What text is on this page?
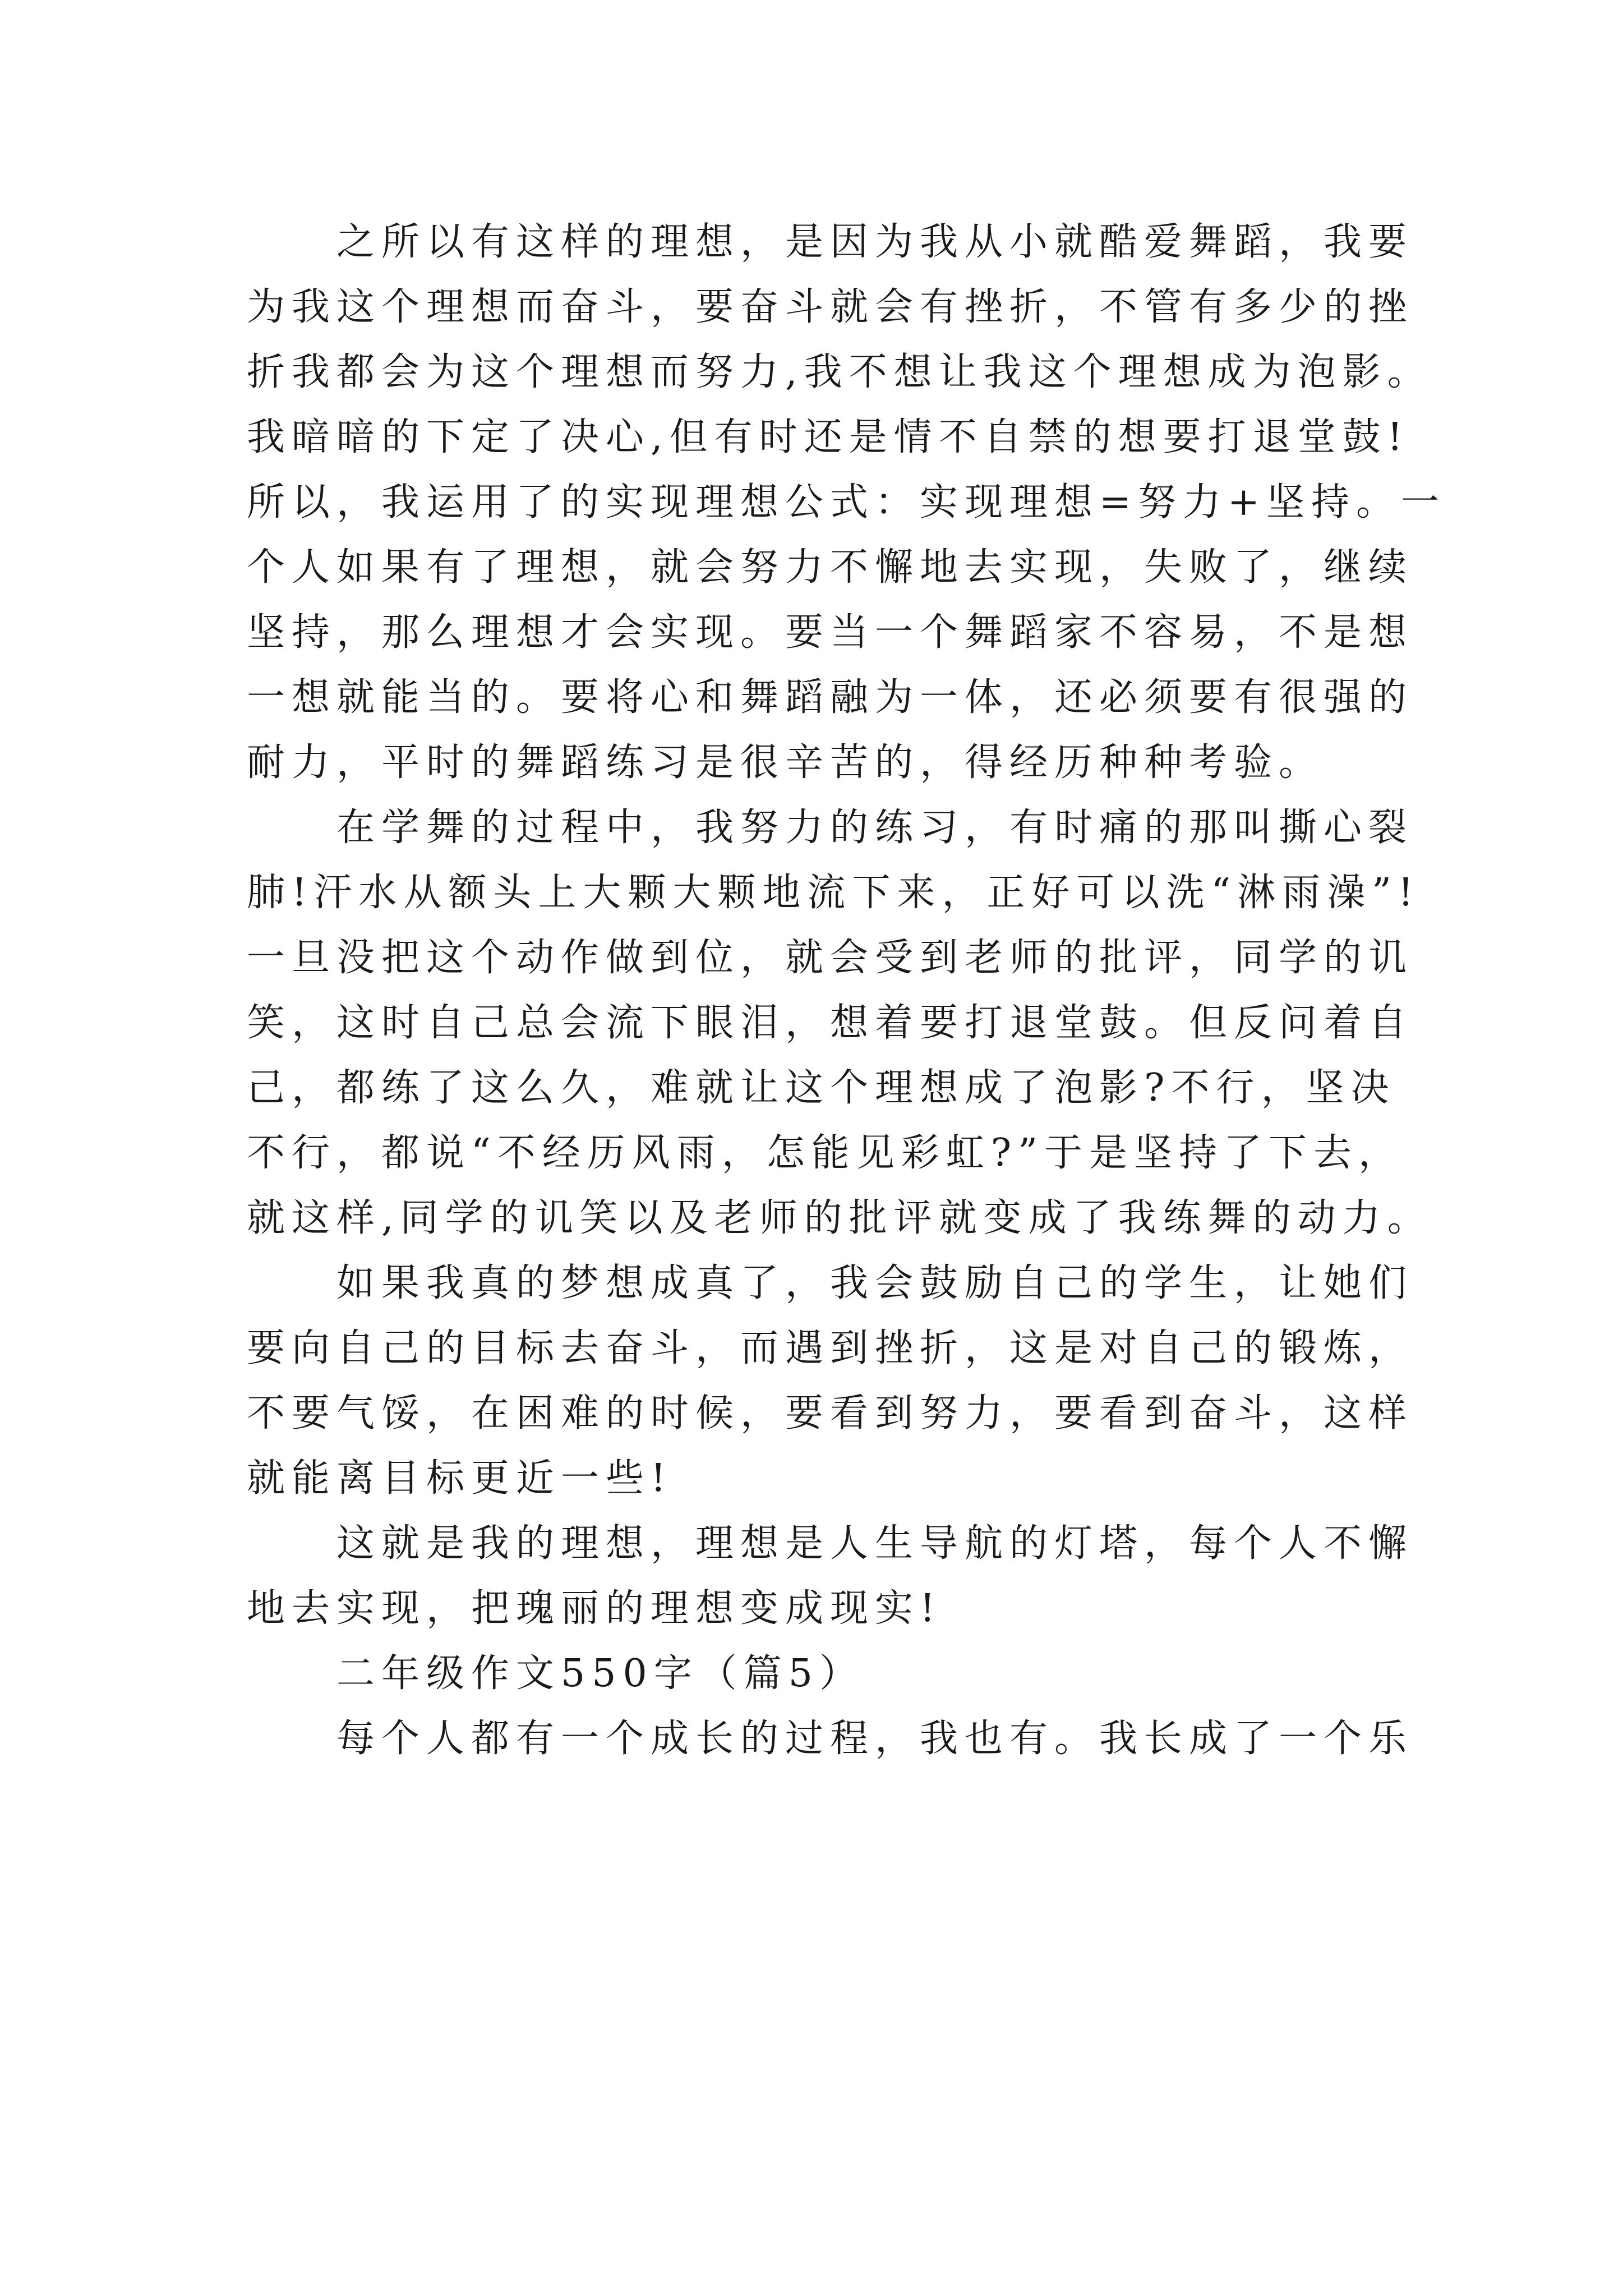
之所以有这样的理想，是因为我从小就酷爱舞蹈，我要
为我这个理想而奋斗，要奋斗就会有挫折，不管有多少的挫
折我都会为这个理想而努力,我不想让我这个理想成为泡影。
我暗暗的下定了决心,但有时还是情不自禁的想要打退堂鼓!
所以，我运用了的实现理想公式：实现理想=努力+坚持。一
个人如果有了理想，就会努力不懈地去实现，失败了，继续
坚持，那么理想才会实现。要当一个舞蹈家不容易，不是想
一想就能当的。要将心和舞蹈融为一体，还必须要有很强的
耐力，平时的舞蹈练习是很辛苦的，得经历种种考验。
在学舞的过程中，我努力的练习，有时痛的那叫撕心裂
肺!汗水从额头上大颗大颗地流下来，正好可以洗“淋雨澡”!
一旦没把这个动作做到位，就会受到老师的批评，同学的讥
笑，这时自己总会流下眼泪，想着要打退堂鼓。但反问着自
己，都练了这么久，难就让这个理想成了泡影?不行，坚决
不行，都说“不经历风雨，怎能见彩虹?”于是坚持了下去，
就这样,同学的讥笑以及老师的批评就变成了我练舞的动力。
如果我真的梦想成真了，我会鼓励自己的学生，让她们
要向自己的目标去奋斗，而遇到挫折，这是对自己的锻炼，
不要气馁，在困难的时候，要看到努力，要看到奋斗，这样
就能离目标更近一些!
这就是我的理想，理想是人生导航的灯塔，每个人不懈
地去实现，把瑰丽的理想变成现实!
二年级作文550字（篇5）
每个人都有一个成长的过程，我也有。我长成了一个乐
